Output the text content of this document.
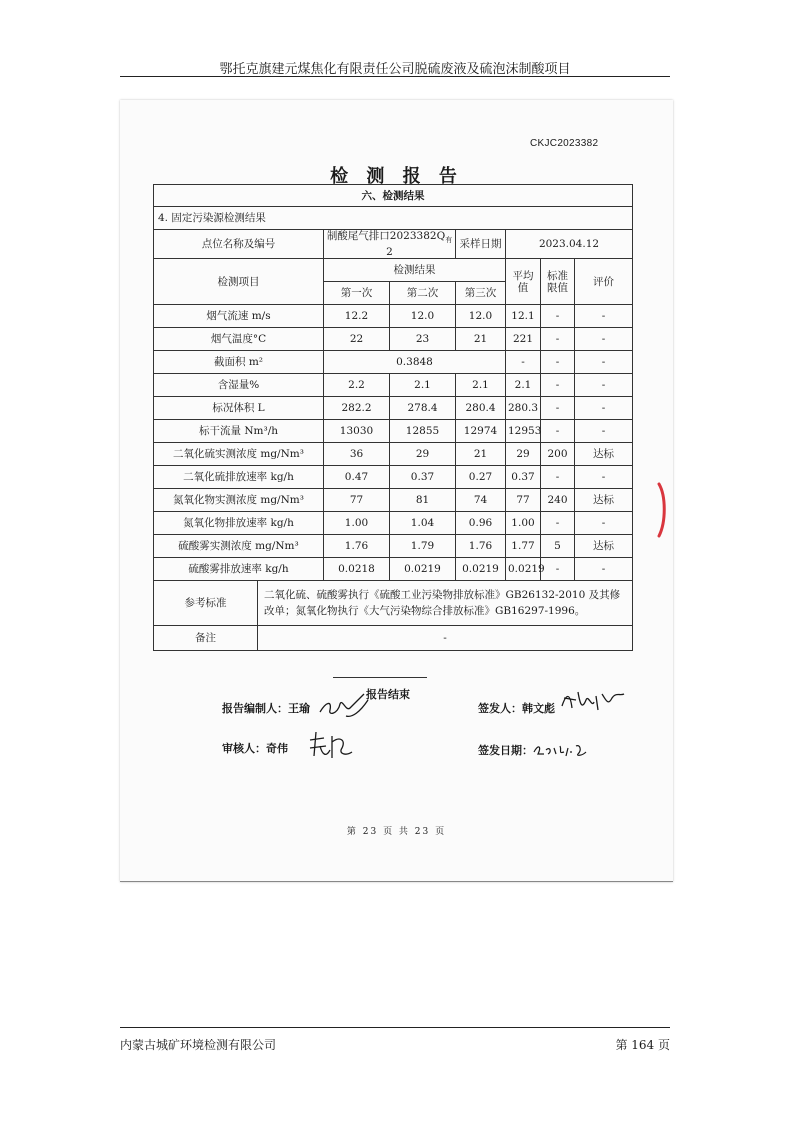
鄂托克旗建元煤焦化有限责任公司脱硫废液及硫泡沫制酸项目
CKJC2023382
检 测 报 告
六、检测结果							
4. 固定污染源检测结果							
点位名称及编号		制酸尾气排口$2023382Q_有2$		采样日期	2023.04.12		
检测项目		检测结果			平均值	标准限值	评价
		第一次	第二次	第三次			
烟气流速 m/s		12.2	12.0	12.0	12.1	-	-
烟气温度°C		22	23	21	221	-	-
截面积 m²		0.3848			-	-	-
含湿量%		2.2	2.1	2.1	2.1	-	-
标况体积 L		282.2	278.4	280.4	280.3	-	-
标干流量 Nm³/h		13030	12855	12974	12953	-	-
二氧化硫实测浓度 mg/Nm³		36	29	21	29	200	达标
二氧化硫排放速率 kg/h		0.47	0.37	0.27	0.37	-	-
氮氧化物实测浓度 mg/Nm³		77	81	74	77	240	达标
氮氧化物排放速率 kg/h		1.00	1.04	0.96	1.00	-	-
硫酸雾实测浓度 mg/Nm³		1.76	1.79	1.76	1.77	5	达标
硫酸雾排放速率 kg/h		0.0218	0.0219	0.0219	0.0219	-	-
参考标准	二氧化硫、硫酸雾执行《硫酸工业污染物排放标准》GB26132-2010 及其修改单；氮氧化物执行《大气污染物综合排放标准》GB16297-1996。						
备注	-						
报告结束
报告编制人：王瑜	签发人：韩文彪
审核人：奇伟	签发日期：
第 23 页 共 23 页
内蒙古城矿环境检测有限公司	第 164 页
